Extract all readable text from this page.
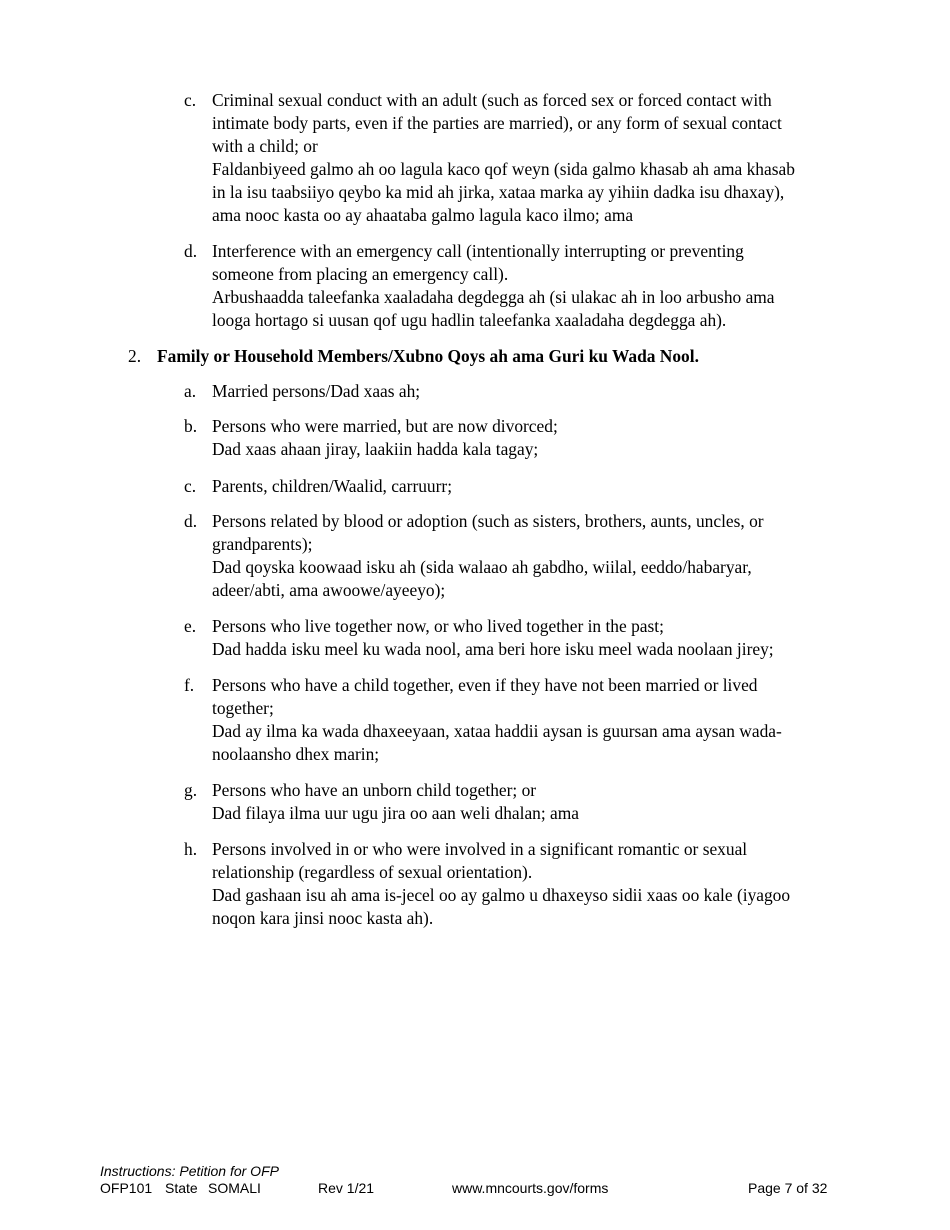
c. Criminal sexual conduct with an adult (such as forced sex or forced contact with
intimate body parts, even if the parties are married), or any form of sexual contact
with a child; or
Faldanbiyeed galmo ah oo lagula kaco qof weyn (sida galmo khasab ah ama khasab
in la isu taabsiiyo qeybo ka mid ah jirka, xataa marka ay yihiin dadka isu dhaxay),
ama nooc kasta oo ay ahaataba galmo lagula kaco ilmo; ama
d. Interference with an emergency call (intentionally interrupting or preventing
someone from placing an emergency call).
Arbushaadda taleefanka xaaladaha degdegga ah (si ulakac ah in loo arbusho ama
looga hortago si uusan qof ugu hadlin taleefanka xaaladaha degdegga ah).
2. Family or Household Members/Xubno Qoys ah ama Guri ku Wada Nool.
a. Married persons/Dad xaas ah;
b. Persons who were married, but are now divorced;
Dad xaas ahaan jiray, laakiin hadda kala tagay;
c. Parents, children/Waalid, carruurr;
d. Persons related by blood or adoption (such as sisters, brothers, aunts, uncles, or
grandparents);
Dad qoyska koowaad isku ah (sida walaao ah gabdho, wiilal, eeddo/habaryar,
adeer/abti, ama awoowe/ayeeyo);
e. Persons who live together now, or who lived together in the past;
Dad hadda isku meel ku wada nool, ama beri hore isku meel wada noolaan jirey;
f. Persons who have a child together, even if they have not been married or lived
together;
Dad ay ilma ka wada dhaxeeyaan, xataa haddii aysan is guursan ama aysan wada-
noolaansho dhex marin;
g. Persons who have an unborn child together; or
Dad filaya ilma uur ugu jira oo aan weli dhalan; ama
h. Persons involved in or who were involved in a significant romantic or sexual
relationship (regardless of sexual orientation).
Dad gashaan isu ah ama is-jecel oo ay galmo u dhaxeyso sidii xaas oo kale (iyagoo
noqon kara jinsi nooc kasta ah).
Instructions: Petition for OFP
OFP101 State SOMALI	Rev 1/21	www.mncourts.gov/forms	Page 7 of 32
